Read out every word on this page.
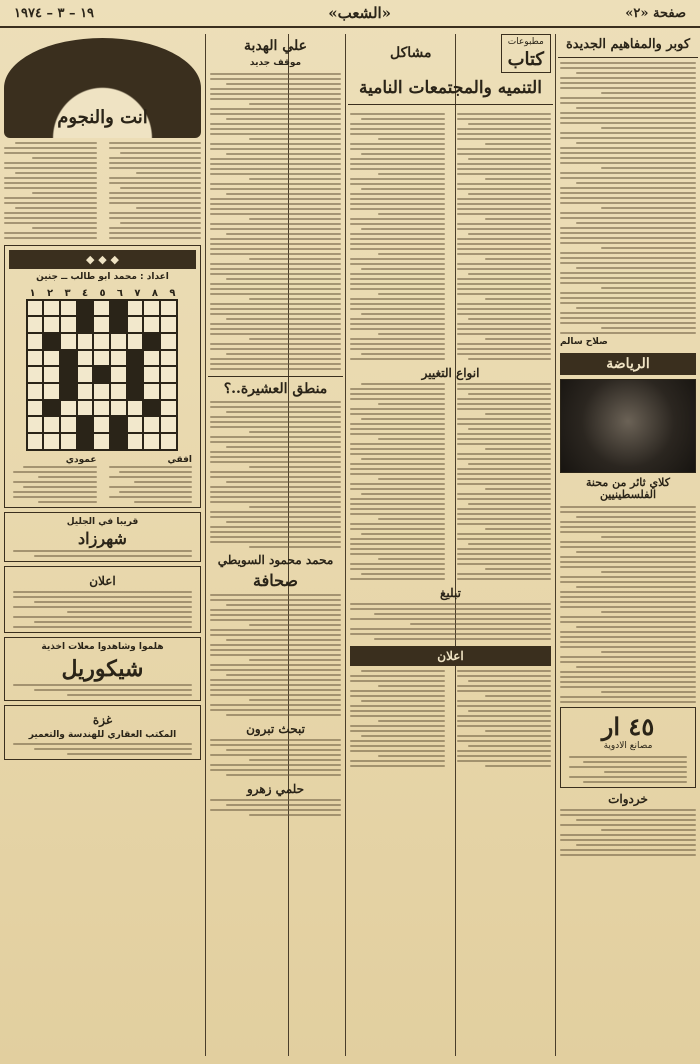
صفحة «٢»
«الشعب»
١٩ – ٣ – ١٩٧٤
كوبر والمفاهيم الجديدة
صلاح سالم
الرياضة
كلاي ثائر من محنة الفلسطينيين
٤٥ ار
مصانع الادوية
خردوات
مطبوعات
كتاب
مشاكل
التنميه والمجتمعات النامية
انواع التغيير
تبليغ
اعلان
علي الهدبة
موقف جديد
منطق العشيرة..؟
محمد محمود السويطي
صحافة
تبحث تبرون
حلمي زهرو
انت والنجوم
◆ ◆ ◆
اعداد : محمد ابو طالب ــ جنين
١ ٢ ٣ ٤ ٥ ٦ ٧ ٨ ٩
افقي
عمودي
قريبا في الجليل
شهرزاد
اعلان
هلموا وشاهدوا معلات اخذية
شيكوريل
غزة
المكتب العقاري للهندسة والتعمير
